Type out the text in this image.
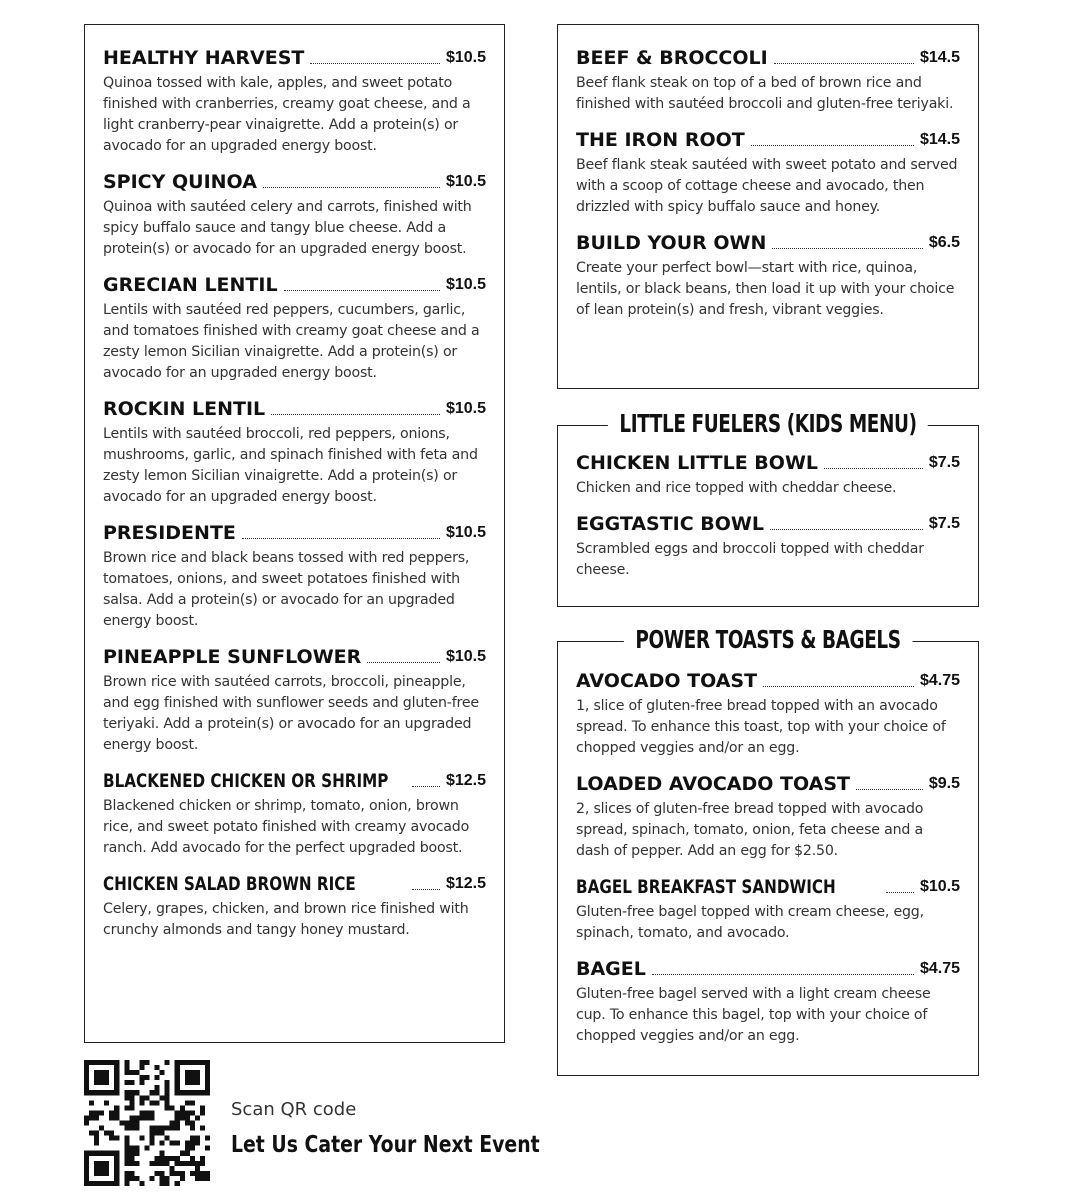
HEALTHY HARVEST	$10.5
Quinoa tossed with kale, apples, and sweet potato finished with cranberries, creamy goat cheese, and a light cranberry-pear vinaigrette. Add a protein(s) or avocado for an upgraded energy boost.
SPICY QUINOA	$10.5
Quinoa with sautéed celery and carrots, finished with spicy buffalo sauce and tangy blue cheese. Add a protein(s) or avocado for an upgraded energy boost.
GRECIAN LENTIL	$10.5
Lentils with sautéed red peppers, cucumbers, garlic, and tomatoes finished with creamy goat cheese and a zesty lemon Sicilian vinaigrette. Add a protein(s) or avocado for an upgraded energy boost.
ROCKIN LENTIL	$10.5
Lentils with sautéed broccoli, red peppers, onions, mushrooms, garlic, and spinach finished with feta and zesty lemon Sicilian vinaigrette. Add a protein(s) or avocado for an upgraded energy boost.
PRESIDENTE	$10.5
Brown rice and black beans tossed with red peppers, tomatoes, onions, and sweet potatoes finished with salsa. Add a protein(s) or avocado for an upgraded energy boost.
PINEAPPLE SUNFLOWER	$10.5
Brown rice with sautéed carrots, broccoli, pineapple, and egg finished with sunflower seeds and gluten-free teriyaki. Add a protein(s) or avocado for an upgraded energy boost.
BLACKENED CHICKEN OR SHRIMP	$12.5
Blackened chicken or shrimp, tomato, onion, brown rice, and sweet potato finished with creamy avocado ranch. Add avocado for the perfect upgraded boost.
CHICKEN SALAD BROWN RICE	$12.5
Celery, grapes, chicken, and brown rice finished with crunchy almonds and tangy honey mustard.
BEEF & BROCCOLI	$14.5
Beef flank steak on top of a bed of brown rice and finished with sautéed broccoli and gluten-free teriyaki.
THE IRON ROOT	$14.5
Beef flank steak sautéed with sweet potato and served with a scoop of cottage cheese and avocado, then drizzled with spicy buffalo sauce and honey.
BUILD YOUR OWN	$6.5
Create your perfect bowl—start with rice, quinoa, lentils, or black beans, then load it up with your choice of lean protein(s) and fresh, vibrant veggies.
LITTLE FUELERS (KIDS MENU)
CHICKEN LITTLE BOWL	$7.5
Chicken and rice topped with cheddar cheese.
EGGTASTIC BOWL	$7.5
Scrambled eggs and broccoli topped with cheddar cheese.
POWER TOASTS & BAGELS
AVOCADO TOAST	$4.75
1, slice of gluten-free bread topped with an avocado spread. To enhance this toast, top with your choice of chopped veggies and/or an egg.
LOADED AVOCADO TOAST	$9.5
2, slices of gluten-free bread topped with avocado spread, spinach, tomato, onion, feta cheese and a dash of pepper. Add an egg for $2.50.
BAGEL BREAKFAST SANDWICH	$10.5
Gluten-free bagel topped with cream cheese, egg, spinach, tomato, and avocado.
BAGEL	$4.75
Gluten-free bagel served with a light cream cheese cup. To enhance this bagel, top with your choice of chopped veggies and/or an egg.
Scan QR code
Let Us Cater Your Next Event
